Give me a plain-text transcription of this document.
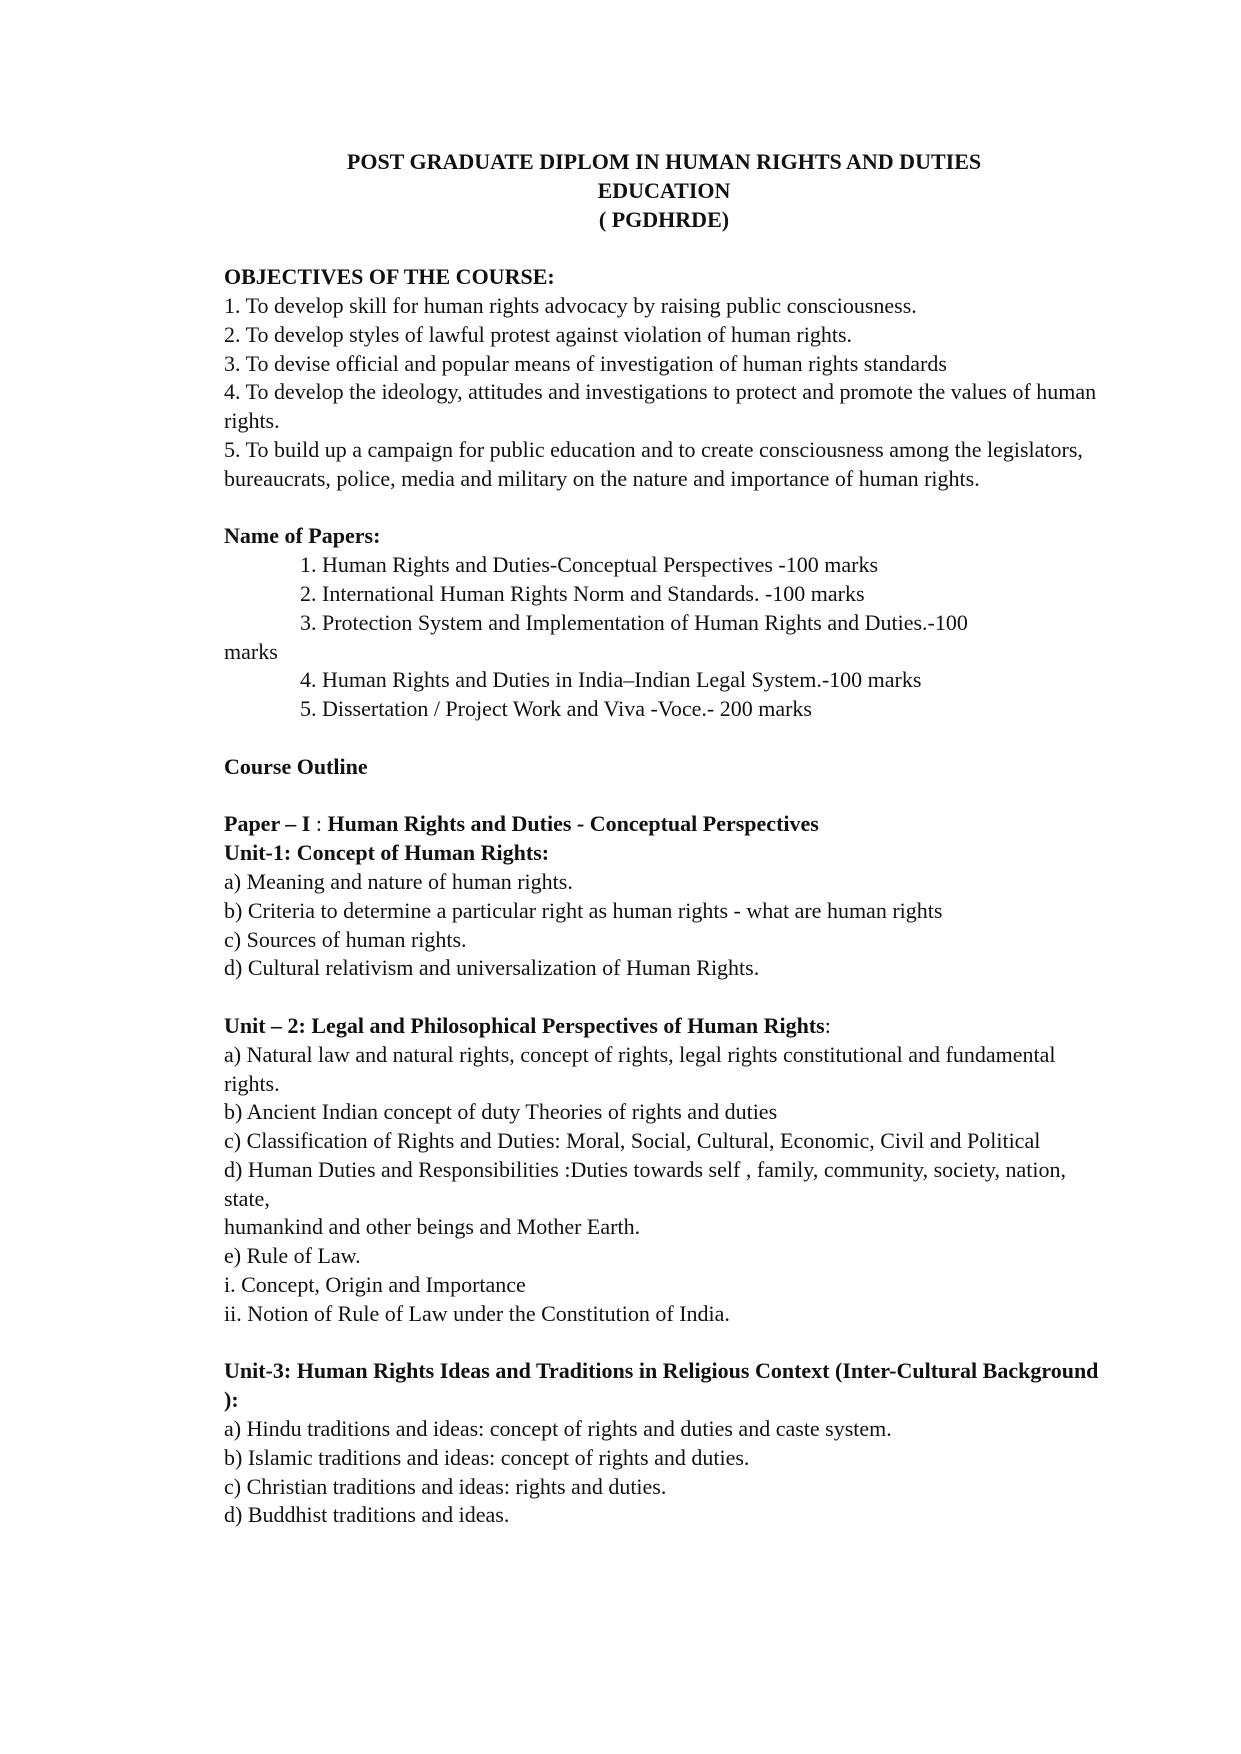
POST GRADUATE DIPLOM IN HUMAN RIGHTS AND DUTIES

EDUCATION

( PGDHRDE)

OBJECTIVES OF THE COURSE:

1. To develop skill for human rights advocacy by raising public consciousness.

2. To develop styles of lawful protest against violation of human rights.

3. To devise official and popular means of investigation of human rights standards

4. To develop the ideology, attitudes and investigations to protect and promote the values of human rights.

5. To build up a campaign for public education and to create consciousness among the legislators, bureaucrats, police, media and military on the nature and importance of human rights.

Name of Papers:

1. Human Rights and Duties-Conceptual Perspectives -100 marks

2. International Human Rights Norm and Standards. -100 marks

3. Protection System and Implementation of Human Rights and Duties.-100

marks

4. Human Rights and Duties in India–Indian Legal System.-100 marks

5. Dissertation / Project Work and Viva -Voce.- 200 marks

Course Outline

Paper – I : Human Rights and Duties - Conceptual Perspectives

Unit-1: Concept of Human Rights:

a) Meaning and nature of human rights.

b) Criteria to determine a particular right as human rights - what are human rights

c) Sources of human rights.

d) Cultural relativism and universalization of Human Rights.

Unit – 2: Legal and Philosophical Perspectives of Human Rights:

a) Natural law and natural rights, concept of rights, legal rights constitutional and fundamental rights.

b) Ancient Indian concept of duty Theories of rights and duties

c) Classification of Rights and Duties: Moral, Social, Cultural, Economic, Civil and Political

d) Human Duties and Responsibilities :Duties towards self , family, community, society, nation, state,

humankind and other beings and Mother Earth.

e) Rule of Law.

i. Concept, Origin and Importance

ii. Notion of Rule of Law under the Constitution of India.

Unit-3: Human Rights Ideas and Traditions in Religious Context (Inter-Cultural Background ):

a) Hindu traditions and ideas: concept of rights and duties and caste system.

b) Islamic traditions and ideas: concept of rights and duties.

c) Christian traditions and ideas: rights and duties.

d) Buddhist traditions and ideas.
